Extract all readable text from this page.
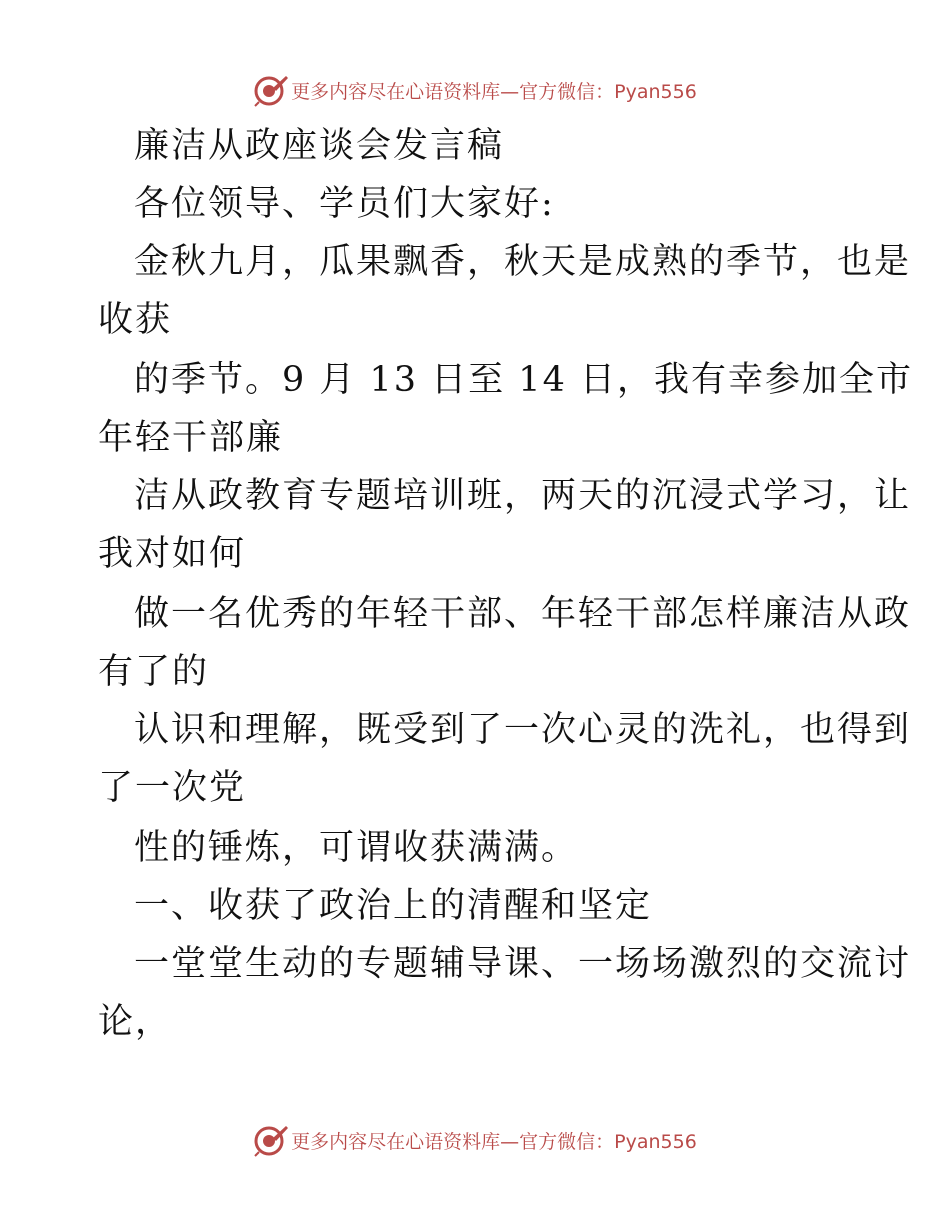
更多内容尽在心语资料库—官方微信：Pyan556
廉洁从政座谈会发言稿
各位领导、学员们大家好:
金秋九月，瓜果飘香，秋天是成熟的季节，也是
收获
的季节。9 月 13 日至 14 日，我有幸参加全市
年轻干部廉
洁从政教育专题培训班，两天的沉浸式学习，让
我对如何
做一名优秀的年轻干部、年轻干部怎样廉洁从政
有了的
认识和理解，既受到了一次心灵的洗礼，也得到
了一次党
性的锤炼，可谓收获满满。
一、收获了政治上的清醒和坚定
一堂堂生动的专题辅导课、一场场激烈的交流讨
论，
更多内容尽在心语资料库—官方微信：Pyan556
